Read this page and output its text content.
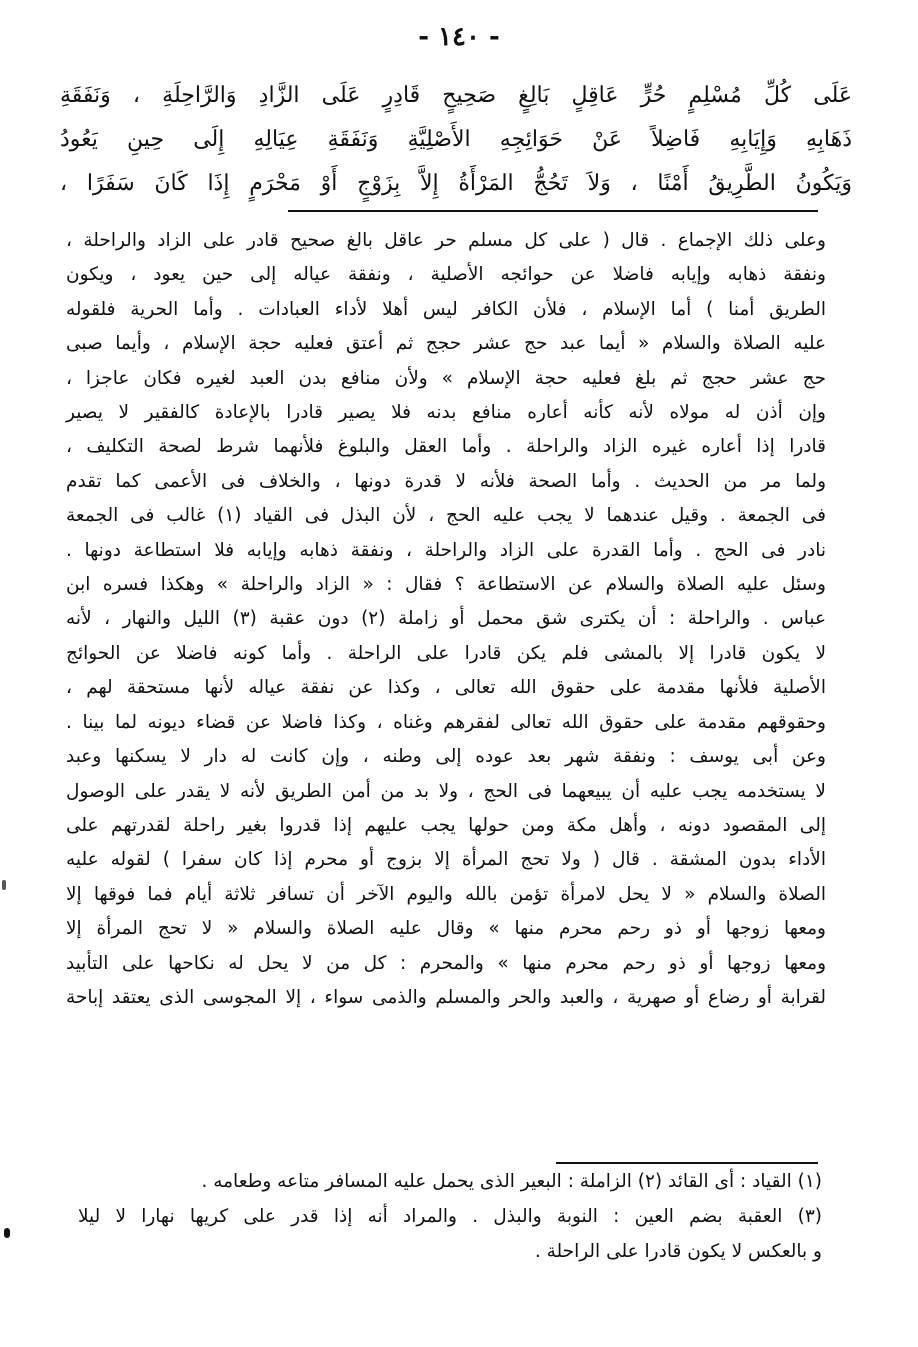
- ١٤٠ -

عَلَى كُلِّ مُسْلِمٍ حُرٍّ عَاقِلٍ بَالِغٍ صَحِيحٍ قَادِرٍ عَلَى الزَّادِ وَالرَّاحِلَةِ ، وَنَفَقَةِ

ذَهَابِهِ وَإِيَابِهِ فَاضِلاً عَنْ حَوَائِجِهِ الأَصْلِيَّةِ وَنَفَقَةِ عِيَالِهِ إِلَى حِينِ يَعُودُ

وَيَكُونُ الطَّرِيقُ أَمْنًا ، وَلاَ تَحُجُّ المَرْأَةُ إِلاَّ بِزَوْجٍ أَوْ مَحْرَمٍ إِذَا كَانَ سَفَرًا ،

وعلى ذلك الإجماع . قال ( على كل مسلم حر عاقل بالغ صحيح قادر على الزاد والراحلة ،

ونفقة ذهابه وإيابه فاضلا عن حوائجه الأصلية ، ونفقة عياله إلى حين يعود ، ويكون

الطريق أمنا ) أما الإسلام ، فلأن الكافر ليس أهلا لأداء العبادات . وأما الحرية فلقوله

عليه الصلاة والسلام « أيما عبد حج عشر حجج ثم أعتق فعليه حجة الإسلام ، وأيما صبى

حج عشر حجج ثم بلغ فعليه حجة الإسلام » ولأن منافع بدن العبد لغيره فكان عاجزا ،

وإن أذن له مولاه لأنه كأنه أعاره منافع بدنه فلا يصير قادرا بالإعادة كالفقير لا يصير

قادرا إذا أعاره غيره الزاد والراحلة . وأما العقل والبلوغ فلأنهما شرط لصحة التكليف ،

ولما مر من الحديث . وأما الصحة فلأنه لا قدرة دونها ، والخلاف فى الأعمى كما تقدم

فى الجمعة . وقيل عندهما لا يجب عليه الحج ، لأن البذل فى القياد (١) غالب فى الجمعة

نادر فى الحج . وأما القدرة على الزاد والراحلة ، ونفقة ذهابه وإيابه فلا استطاعة دونها .

وسئل عليه الصلاة والسلام عن الاستطاعة ؟ فقال : « الزاد والراحلة » وهكذا فسره ابن

عباس . والراحلة : أن يكترى شق محمل أو زاملة (٢) دون عقبة (٣) الليل والنهار ، لأنه

لا يكون قادرا إلا بالمشى فلم يكن قادرا على الراحلة . وأما كونه فاضلا عن الحوائج

الأصلية فلأنها مقدمة على حقوق الله تعالى ، وكذا عن نفقة عياله لأنها مستحقة لهم ،

وحقوقهم مقدمة على حقوق الله تعالى لفقرهم وغناه ، وكذا فاضلا عن قضاء ديونه لما بينا .

وعن أبى يوسف : ونفقة شهر بعد عوده إلى وطنه ، وإن كانت له دار لا يسكنها وعبد

لا يستخدمه يجب عليه أن يبيعهما فى الحج ، ولا بد من أمن الطريق لأنه لا يقدر على الوصول

إلى المقصود دونه ، وأهل مكة ومن حولها يجب عليهم إذا قدروا بغير راحلة لقدرتهم على

الأداء بدون المشقة . قال ( ولا تحج المرأة إلا بزوج أو محرم إذا كان سفرا ) لقوله عليه

الصلاة والسلام « لا يحل لامرأة تؤمن بالله واليوم الآخر أن تسافر ثلاثة أيام فما فوقها إلا

ومعها زوجها أو ذو رحم محرم منها » وقال عليه الصلاة والسلام « لا تحج المرأة إلا

ومعها زوجها أو ذو رحم محرم منها » والمحرم : كل من لا يحل له نكاحها على التأبيد

لقرابة أو رضاع أو صهرية ، والعبد والحر والمسلم والذمى سواء ، إلا المجوسى الذى يعتقد إباحة

(١) القياد : أى القائد (٢) الزاملة : البعير الذى يحمل عليه المسافر متاعه وطعامه .

(٣) العقبة بضم العين : النوبة والبذل . والمراد أنه إذا قدر على كريها نهارا لا ليلا

و بالعكس لا يكون قادرا على الراحلة .
